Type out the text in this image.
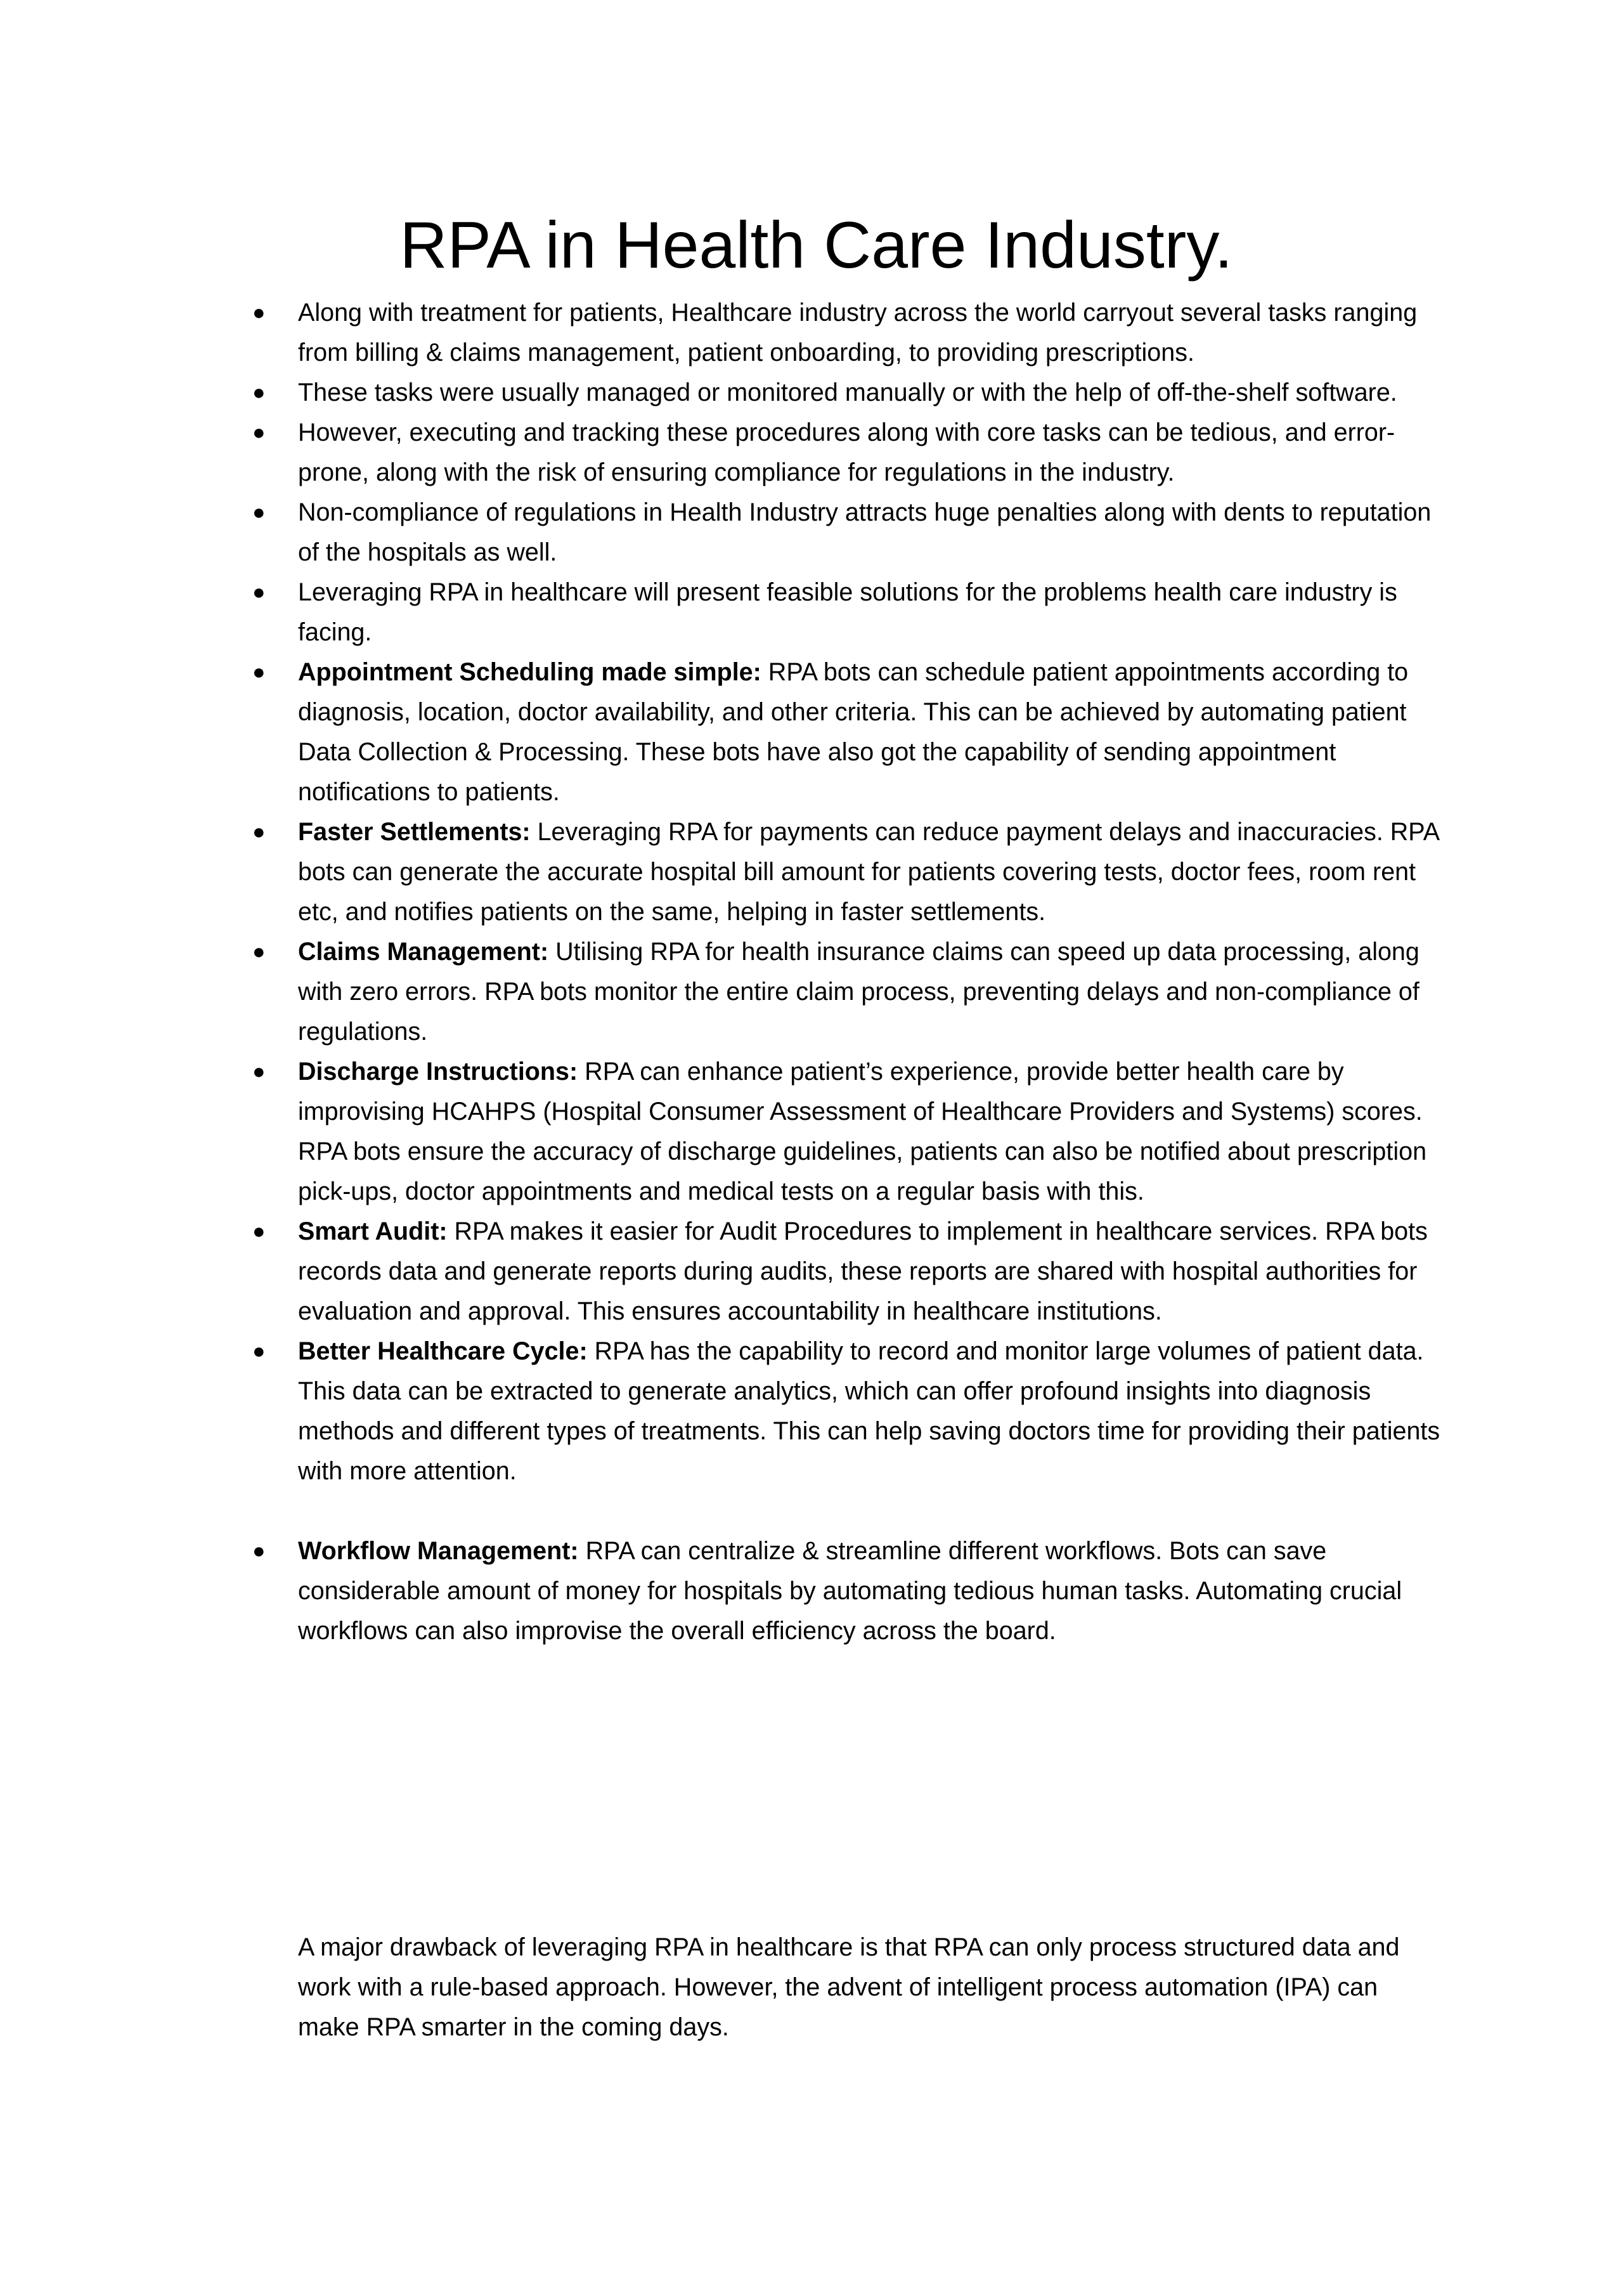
RPA in Health Care Industry.
● Along with treatment for patients, Healthcare industry across the world carryout several tasks ranging from billing & claims management, patient onboarding, to providing prescriptions.
● These tasks were usually managed or monitored manually or with the help of off-the-shelf software.
● However, executing and tracking these procedures along with core tasks can be tedious, and error-prone, along with the risk of ensuring compliance for regulations in the industry.
● Non-compliance of regulations in Health Industry attracts huge penalties along with dents to reputation of the hospitals as well.
● Leveraging RPA in healthcare will present feasible solutions for the problems health care industry is facing.
● Appointment Scheduling made simple: RPA bots can schedule patient appointments according to diagnosis, location, doctor availability, and other criteria. This can be achieved by automating patient Data Collection & Processing. These bots have also got the capability of sending appointment notifications to patients.
● Faster Settlements: Leveraging RPA for payments can reduce payment delays and inaccuracies. RPA bots can generate the accurate hospital bill amount for patients covering tests, doctor fees, room rent etc, and notifies patients on the same, helping in faster settlements.
● Claims Management: Utilising RPA for health insurance claims can speed up data processing, along with zero errors. RPA bots monitor the entire claim process, preventing delays and non-compliance of regulations.
● Discharge Instructions: RPA can enhance patient’s experience, provide better health care by improvising HCAHPS (Hospital Consumer Assessment of Healthcare Providers and Systems) scores. RPA bots ensure the accuracy of discharge guidelines, patients can also be notified about prescription pick-ups, doctor appointments and medical tests on a regular basis with this.
● Smart Audit: RPA makes it easier for Audit Procedures to implement in healthcare services. RPA bots records data and generate reports during audits, these reports are shared with hospital authorities for evaluation and approval. This ensures accountability in healthcare institutions.
● Better Healthcare Cycle: RPA has the capability to record and monitor large volumes of patient data. This data can be extracted to generate analytics, which can offer profound insights into diagnosis methods and different types of treatments. This can help saving doctors time for providing their patients with more attention.
● Workflow Management: RPA can centralize & streamline different workflows. Bots can save considerable amount of money for hospitals by automating tedious human tasks. Automating crucial workflows can also improvise the overall efficiency across the board.

A major drawback of leveraging RPA in healthcare is that RPA can only process structured data and work with a rule-based approach. However, the advent of intelligent process automation (IPA) can make RPA smarter in the coming days.
